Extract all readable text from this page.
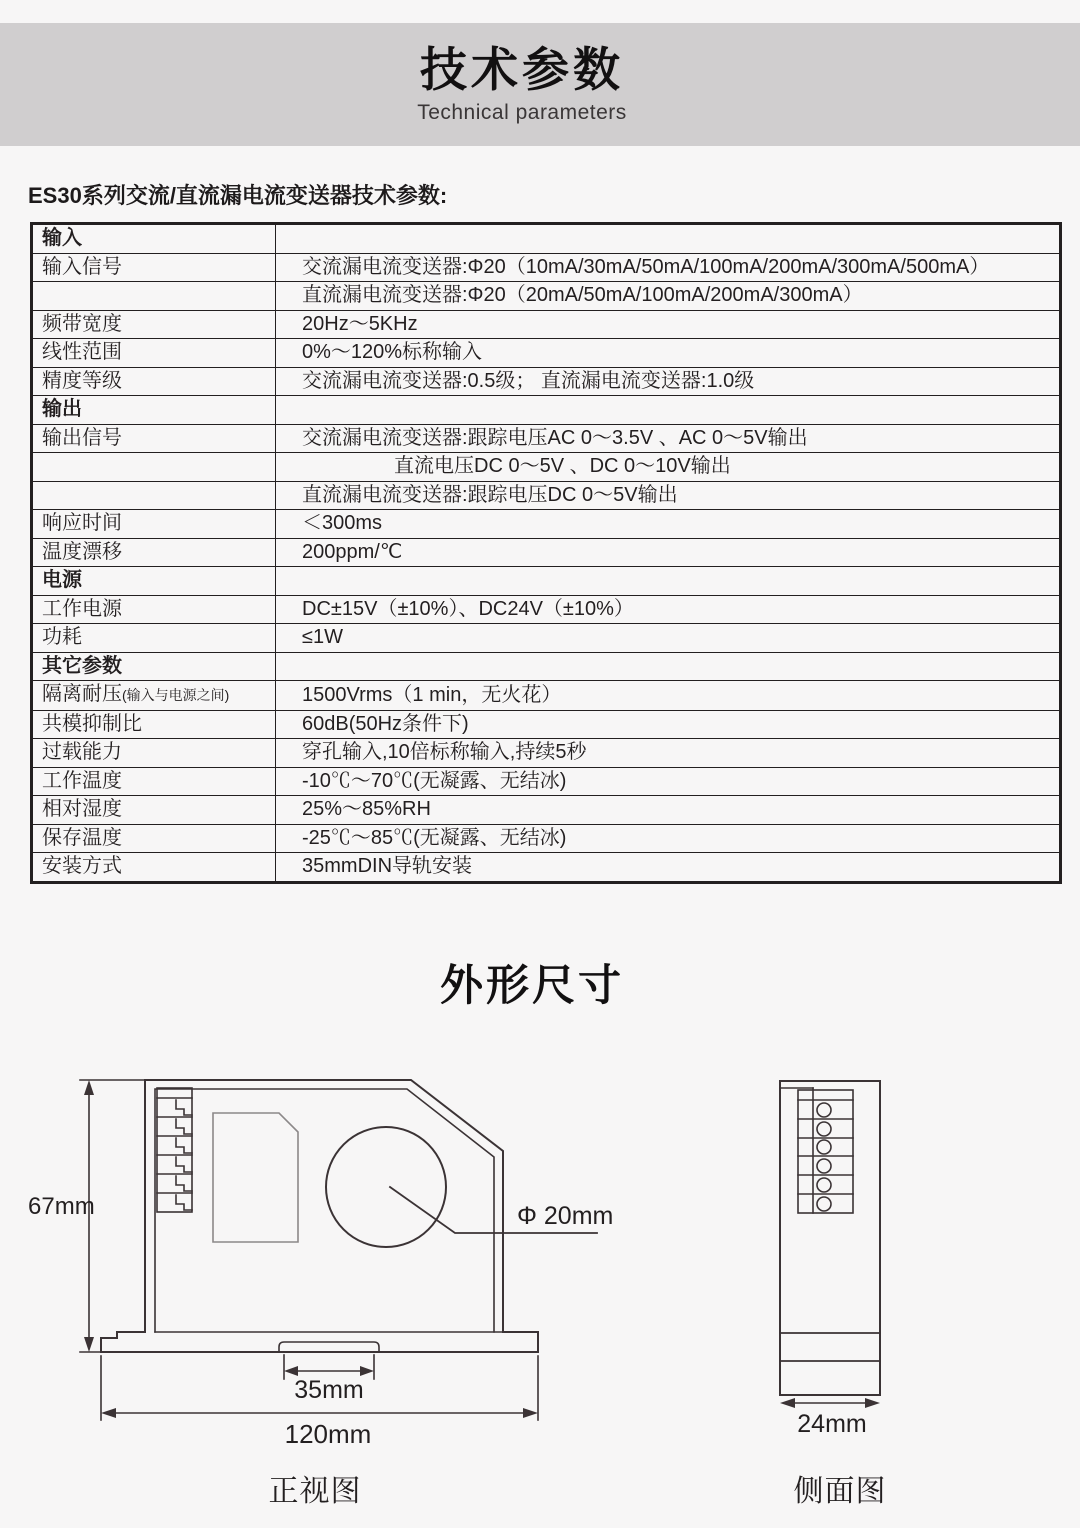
技术参数
Technical parameters
ES30系列交流/直流漏电流变送器技术参数:
输入	
输入信号	交流漏电流变送器:Φ20（10mA/30mA/50mA/100mA/200mA/300mA/500mA）
	直流漏电流变送器:Φ20（20mA/50mA/100mA/200mA/300mA）
频带宽度	20Hz～5KHz
线性范围	0%～120%标称输入
精度等级	交流漏电流变送器:0.5级； 直流漏电流变送器:1.0级
输出	
输出信号	交流漏电流变送器:跟踪电压AC 0～3.5V 、AC 0～5V输出
	直流电压DC 0～5V 、DC 0～10V输出
	直流漏电流变送器:跟踪电压DC 0～5V输出
响应时间	＜300ms
温度漂移	200ppm/℃
电源	
工作电源	DC±15V（±10%）、DC24V（±10%）
功耗	≤1W
其它参数	
隔离耐压(输入与电源之间)	1500Vrms（1 min，无火花）
共模抑制比	60dB(50Hz条件下)
过载能力	穿孔输入,10倍标称输入,持续5秒
工作温度	-10℃～70℃(无凝露、无结冰)
相对湿度	25%～85%RH
保存温度	-25℃～85℃(无凝露、无结冰)
安装方式	35mmDIN导轨安装
外形尺寸
Φ 20mm
67mm
35mm
120mm	24mm
正视图	侧面图
